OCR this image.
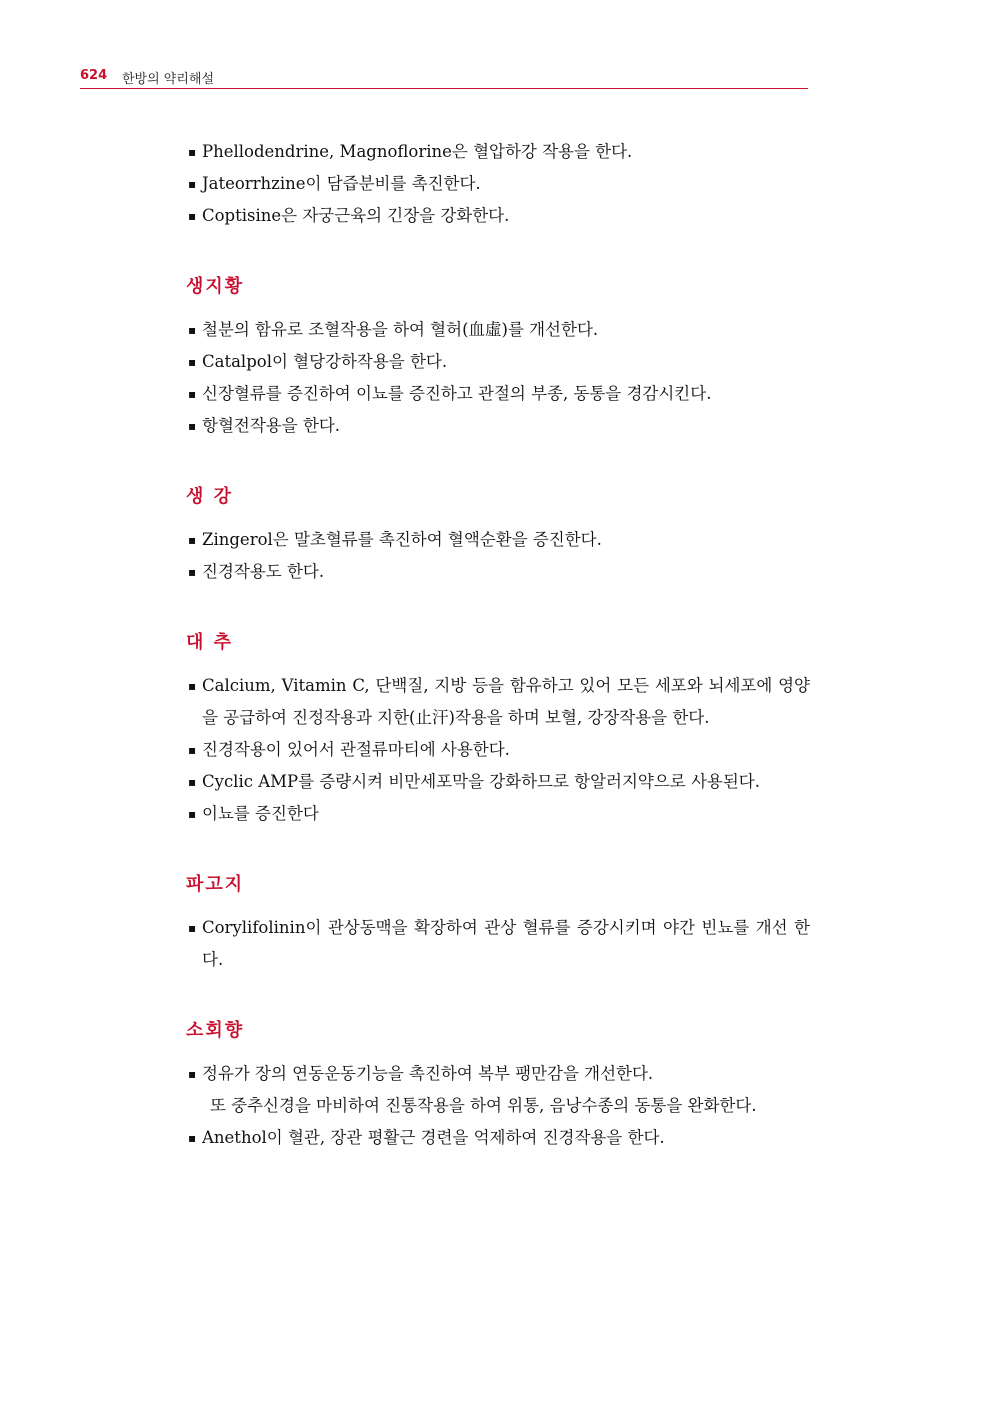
624 한방의 약리해설
▪ Phellodendrine, Magnoflorine은 혈압하강 작용을 한다.
▪ Jateorrhzine이 담즙분비를 촉진한다.
▪ Coptisine은 자궁근육의 긴장을 강화한다.
생지황
▪ 철분의 함유로 조혈작용을 하여 혈허(血虛)를 개선한다.
▪ Catalpol이 혈당강하작용을 한다.
▪ 신장혈류를 증진하여 이뇨를 증진하고 관절의 부종, 동통을 경감시킨다.
▪ 항혈전작용을 한다.
생 강
▪ Zingerol은 말초혈류를 촉진하여 혈액순환을 증진한다.
▪ 진경작용도 한다.
대 추
▪ Calcium, Vitamin C, 단백질, 지방 등을 함유하고 있어 모든 세포와 뇌세포에 영양을 공급하여 진정작용과 지한(止汗)작용을 하며 보혈, 강장작용을 한다.
▪ 진경작용이 있어서 관절류마티에 사용한다.
▪ Cyclic AMP를 증량시켜 비만세포막을 강화하므로 항알러지약으로 사용된다.
▪ 이뇨를 증진한다
파고지
▪ Corylifolinin이 관상동맥을 확장하여 관상 혈류를 증강시키며 야간 빈뇨를 개선 한다.
소회향
▪ 정유가 장의 연동운동기능을 촉진하여 복부 팽만감을 개선한다.
또 중추신경을 마비하여 진통작용을 하여 위통, 음낭수종의 동통을 완화한다.
▪ Anethol이 혈관, 장관 평활근 경련을 억제하여 진경작용을 한다.
